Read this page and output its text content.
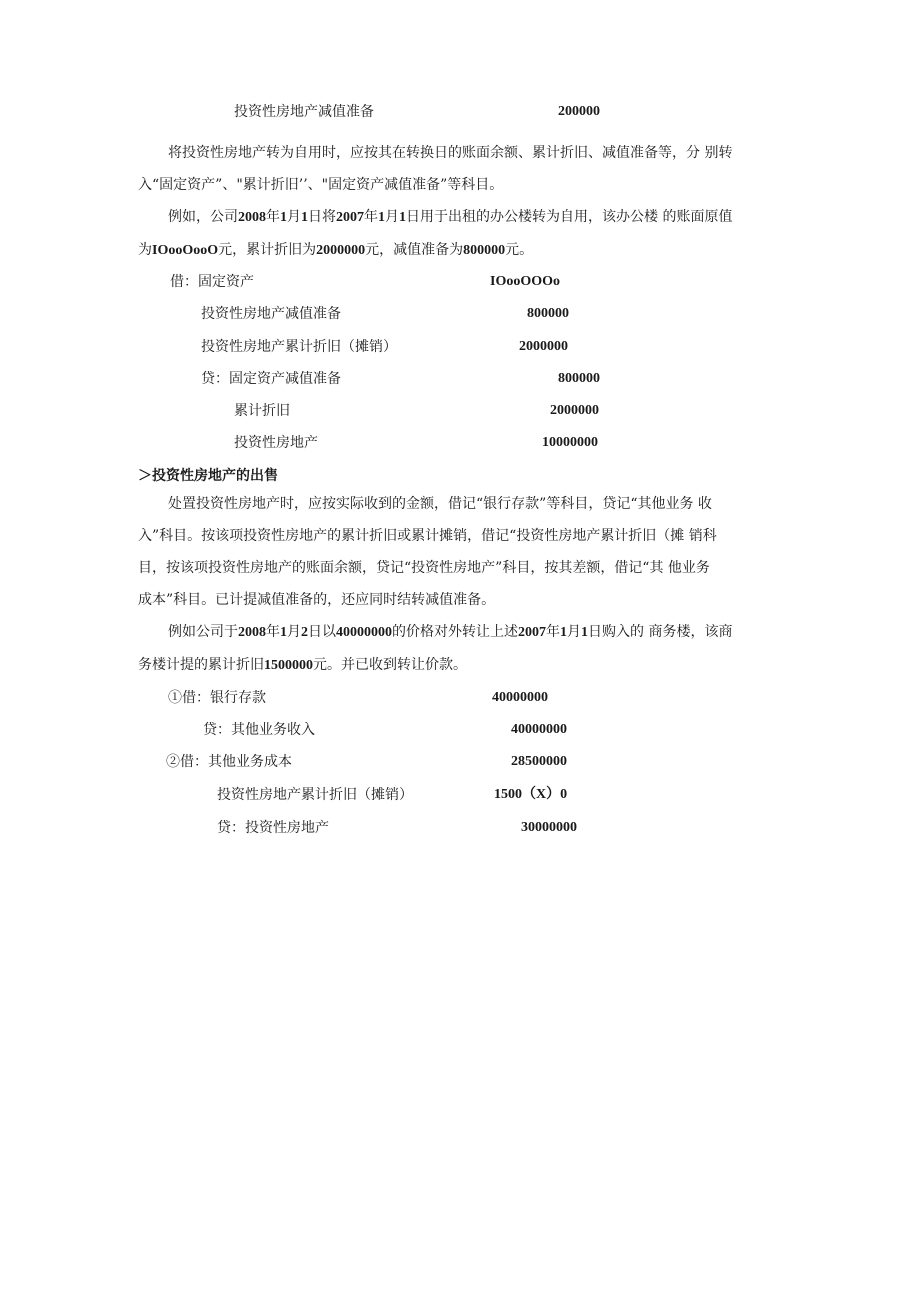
投资性房地产减值准备	200000
将投资性房地产转为自用时，应按其在转换日的账面余额、累计折旧、减值准备等，分 别转
入“固定资产”、"累计折旧’’、"固定资产减值准备”等科目。
例如，公司2008年1月1日将2007年1月1日用于出租的办公楼转为自用，该办公楼 的账面原值
为IOooOooO元，累计折旧为2000000元，减值准备为800000元。
借：固定资产	IOooOOOo
投资性房地产减值准备	800000
投资性房地产累计折旧（摊销）	2000000
贷：固定资产减值准备	800000
累计折旧	2000000
投资性房地产	10000000
＞投资性房地产的出售
处置投资性房地产时，应按实际收到的金额，借记“银行存款”等科目，贷记“其他业务 收
入”科目。按该项投资性房地产的累计折旧或累计摊销，借记“投资性房地产累计折旧（摊 销科
目，按该项投资性房地产的账面余额，贷记“投资性房地产”科目，按其差额，借记“其 他业务
成本”科目。已计提减值准备的，还应同时结转减值准备。
例如公司于2008年1月2日以40000000的价格对外转让上述2007年1月1日购入的 商务楼，该商
务楼计提的累计折旧1500000元。并已收到转让价款。
①借：银行存款	40000000
贷：其他业务收入	40000000
②借：其他业务成本	28500000
投资性房地产累计折旧（摊销）	1500（X）0
贷：投资性房地产	30000000
